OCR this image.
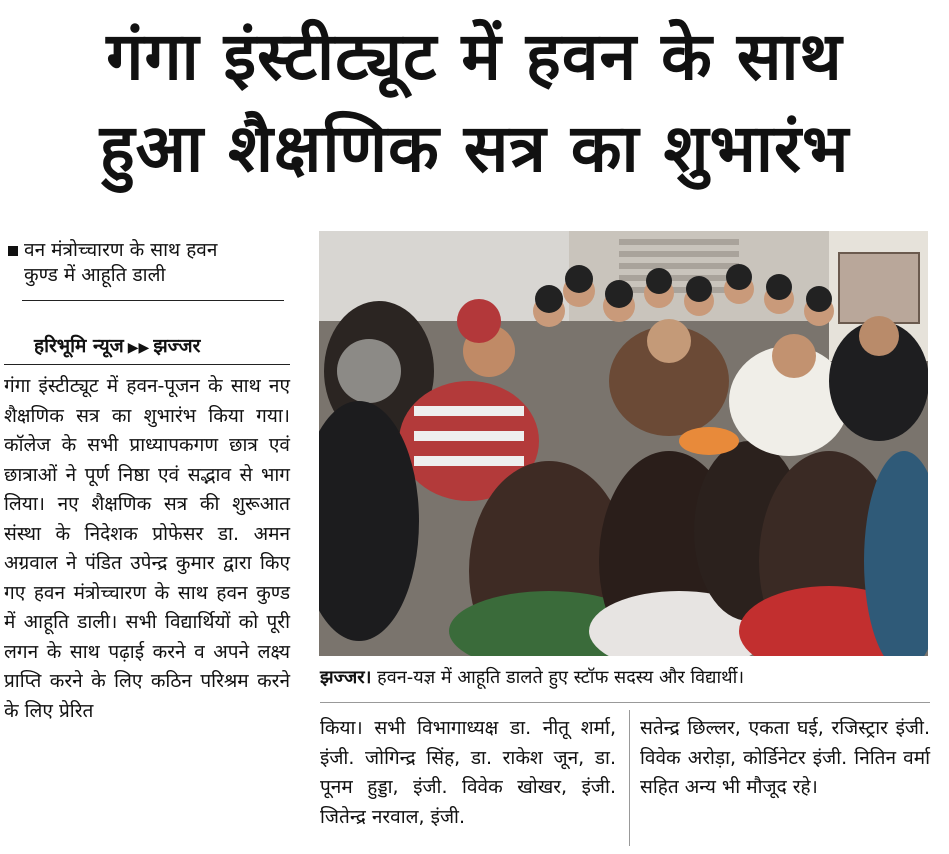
गंगा इंस्टीट्यूट में हवन के साथ
हुआ शैक्षणिक सत्र का शुभारंभ
वन मंत्रोच्चारण के साथ हवन
कुण्ड में आहूति डाली
हरिभूमि न्यूज ▶▶ झज्जर

गंगा इंस्टीट्यूट में हवन-पूजन के साथ नए शैक्षणिक सत्र का शुभारंभ किया गया। कॉलेज के सभी प्राध्यापकगण छात्र एवं छात्राओं ने पूर्ण निष्ठा एवं सद्भाव से भाग लिया। नए शैक्षणिक सत्र की शुरूआत संस्था के निदेशक प्रोफेसर डा. अमन अग्रवाल ने पंडित उपेन्द्र कुमार द्वारा किए गए हवन मंत्रोच्चारण के साथ हवन कुण्ड में आहूति डाली। सभी विद्यार्थियों को पूरी लगन के साथ पढ़ाई करने व अपने लक्ष्य प्राप्ति करने के लिए कठिन परिश्रम करने के लिए प्रेरित

झज्जर। हवन-यज्ञ में आहूति डालते हुए स्टॉफ सदस्य और विद्यार्थी।

किया। सभी विभागाध्यक्ष डा. नीतू शर्मा, इंजी. जोगिन्द्र सिंह, डा. राकेश जून, डा. पूनम हुड्डा, इंजी. विवेक खोखर, इंजी. जितेन्द्र नरवाल, इंजी.

सतेन्द्र छिल्लर, एकता घई, रजिस्ट्रार इंजी. विवेक अरोड़ा, कोर्डिनेटर इंजी. नितिन वर्मा सहित अन्य भी मौजूद रहे।
